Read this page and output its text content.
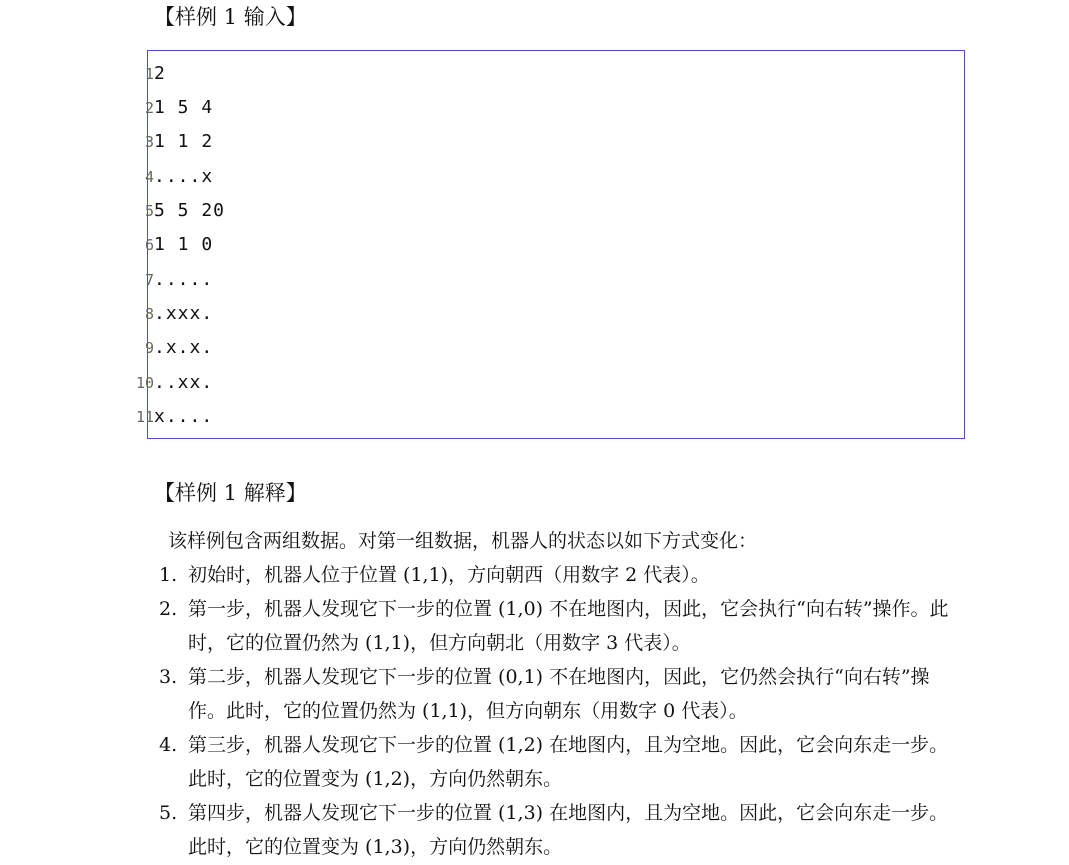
【样例 1 输入】
1 2
2 1 5 4
3 1 1 2
4 ....x
5 5 5 20
6 1 1 0
7 .....
8 .xxx.
9 .x.x.
10 ..xx.
11 x....
【样例 1 解释】
该样例包含两组数据。对第一组数据，机器人的状态以如下方式变化：
1. 初始时，机器人位于位置 (1,1)，方向朝西（用数字 2 代表）。
2. 第一步，机器人发现它下一步的位置 (1,0) 不在地图内，因此，它会执行“向右转”操作。此时，它的位置仍然为 (1,1)，但方向朝北（用数字 3 代表）。
3. 第二步，机器人发现它下一步的位置 (0,1) 不在地图内，因此，它仍然会执行“向右转”操作。此时，它的位置仍然为 (1,1)，但方向朝东（用数字 0 代表）。
4. 第三步，机器人发现它下一步的位置 (1,2) 在地图内，且为空地。因此，它会向东走一步。此时，它的位置变为 (1,2)，方向仍然朝东。
5. 第四步，机器人发现它下一步的位置 (1,3) 在地图内，且为空地。因此，它会向东走一步。此时，它的位置变为 (1,3)，方向仍然朝东。
